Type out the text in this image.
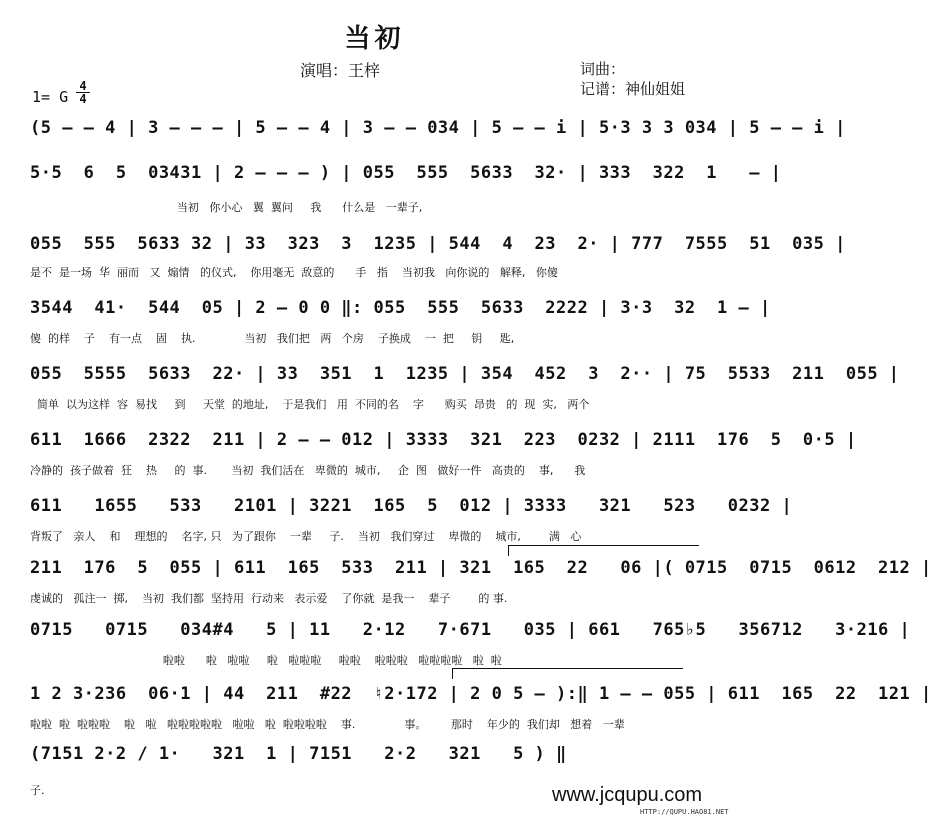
当初
演唱：王梓	词曲：
记谱：神仙姐姐
1= G $\frac{4}{4}$
(5 — — 4 | 3 — — — | 5 — — 4 | 3 — — 034 | 5 — — i | 5·3 3 3 034 | 5 — — i |
5·5  6  5  03431 | 2 — — — ) | 055  555  5633  32· | 333  322  1   — |
当初   你小心   翼  翼问     我      什么是   一辈子,
055  555  5633 32 | 33  323  3  1235 | 544  4  23  2· | 777  7555  51  035 |
是不  是一场  华  丽而   又  煽情   的仪式,    你用毫无  敌意的      手   指    当初我   向你说的   解释,   你傻
3544  41·  544  05 | 2 — 0 0 ‖: 055  555  5633  2222 | 3·3  32  1 — |
傻  的样    子    有一点    固    执.              当初   我们把   两   个房    子换成    一  把     钥     匙,
055  5555  5633  22· | 33  351  1  1235 | 354  452  3  2·· | 75  5533  211  055 |
简单  以为这样  容  易找     到     天堂  的地址,    于是我们   用  不同的名    字      购买  昂贵   的  现  实,   两个
611  1666  2322  211 | 2 — — 012 | 3333  321  223  0232 | 2111  176  5  0·5 |
冷静的  孩子做着  狂    热     的  事.       当初  我们活在   卑微的  城市,     企  图   做好一件   高贵的    事,      我
611   1655   533   2101 | 3221  165  5  012 | 3333   321   523   0232 |
背叛了   亲人    和    理想的    名字, 只   为了跟你    一辈     子.    当初   我们穿过    卑微的    城市,        满   心
211  176  5  055 | 611  165  533  211 | 321  165  22   06 |( 0715  0715  0612  212 |
虔诚的   孤注一  掷,    当初  我们都  坚持用  行动来   表示爱    了你就  是我一    辈子        的 事.
0715   0715   034#4   5 | 11   2·12   7·671   035 | 661   765♭5   356712   3·216 |
啦啦      啦   啦啦     啦   啦啦啦     啦啦    啦啦啦   啦啦啦啦   啦  啦
1 2 3·236  06·1 | 44  211  #22  ♮2·172 | 2 0 5 — ):‖ 1 — — 055 | 611  165  22  121 |
啦啦  啦  啦啦啦    啦   啦   啦啦啦啦啦   啦啦   啦  啦啦啦啦    事.              事。       那时    年少的  我们却   想着   一辈
(7151 2·2 / 1·   321  1 | 7151   2·2   321   5 ) ‖
子.	www.jcqupu.com
HTTP://QUPU.HAO81.NET
